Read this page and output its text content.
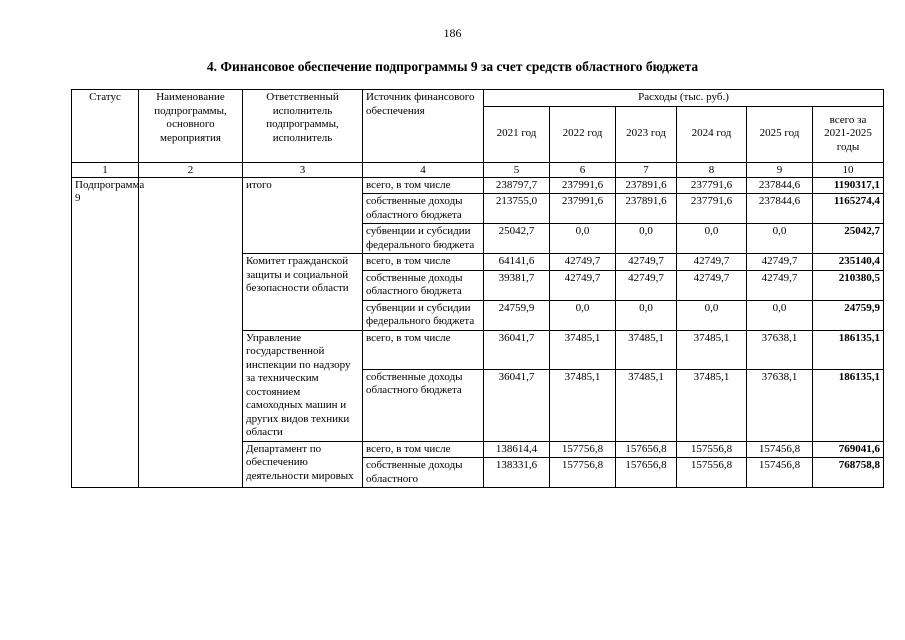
186
4. Финансовое обеспечение подпрограммы 9 за счет средств областного бюджета
Статус	Наименование подпрограммы, основного мероприятия	Ответственный исполнитель подпрограммы, исполнитель	Источник финансового обеспечения	Расходы (тыс. руб.)					
				2021 год	2022 год	2023 год	2024 год	2025 год	всего за 2021-2025 годы
1	2	3	4	5	6	7	8	9	10
Подпрограмма 9		итого	всего, в том числе	238797,7	237991,6	237891,6	237791,6	237844,6	1190317,1
			собственные доходы областного бюджета	213755,0	237991,6	237891,6	237791,6	237844,6	1165274,4
			субвенции и субсидии федерального бюджета	25042,7	0,0	0,0	0,0	0,0	25042,7
		Комитет гражданской защиты и социальной безопасности области	всего, в том числе	64141,6	42749,7	42749,7	42749,7	42749,7	235140,4
			собственные доходы областного бюджета	39381,7	42749,7	42749,7	42749,7	42749,7	210380,5
			субвенции и субсидии федерального бюджета	24759,9	0,0	0,0	0,0	0,0	24759,9
		Управление государственной инспекции по надзору за техническим состоянием самоходных машин и других видов техники области	всего, в том числе	36041,7	37485,1	37485,1	37485,1	37638,1	186135,1
			собственные доходы областного бюджета	36041,7	37485,1	37485,1	37485,1	37638,1	186135,1
		Департамент по обеспечению деятельности мировых	всего, в том числе	138614,4	157756,8	157656,8	157556,8	157456,8	769041,6
			собственные доходы областного	138331,6	157756,8	157656,8	157556,8	157456,8	768758,8
